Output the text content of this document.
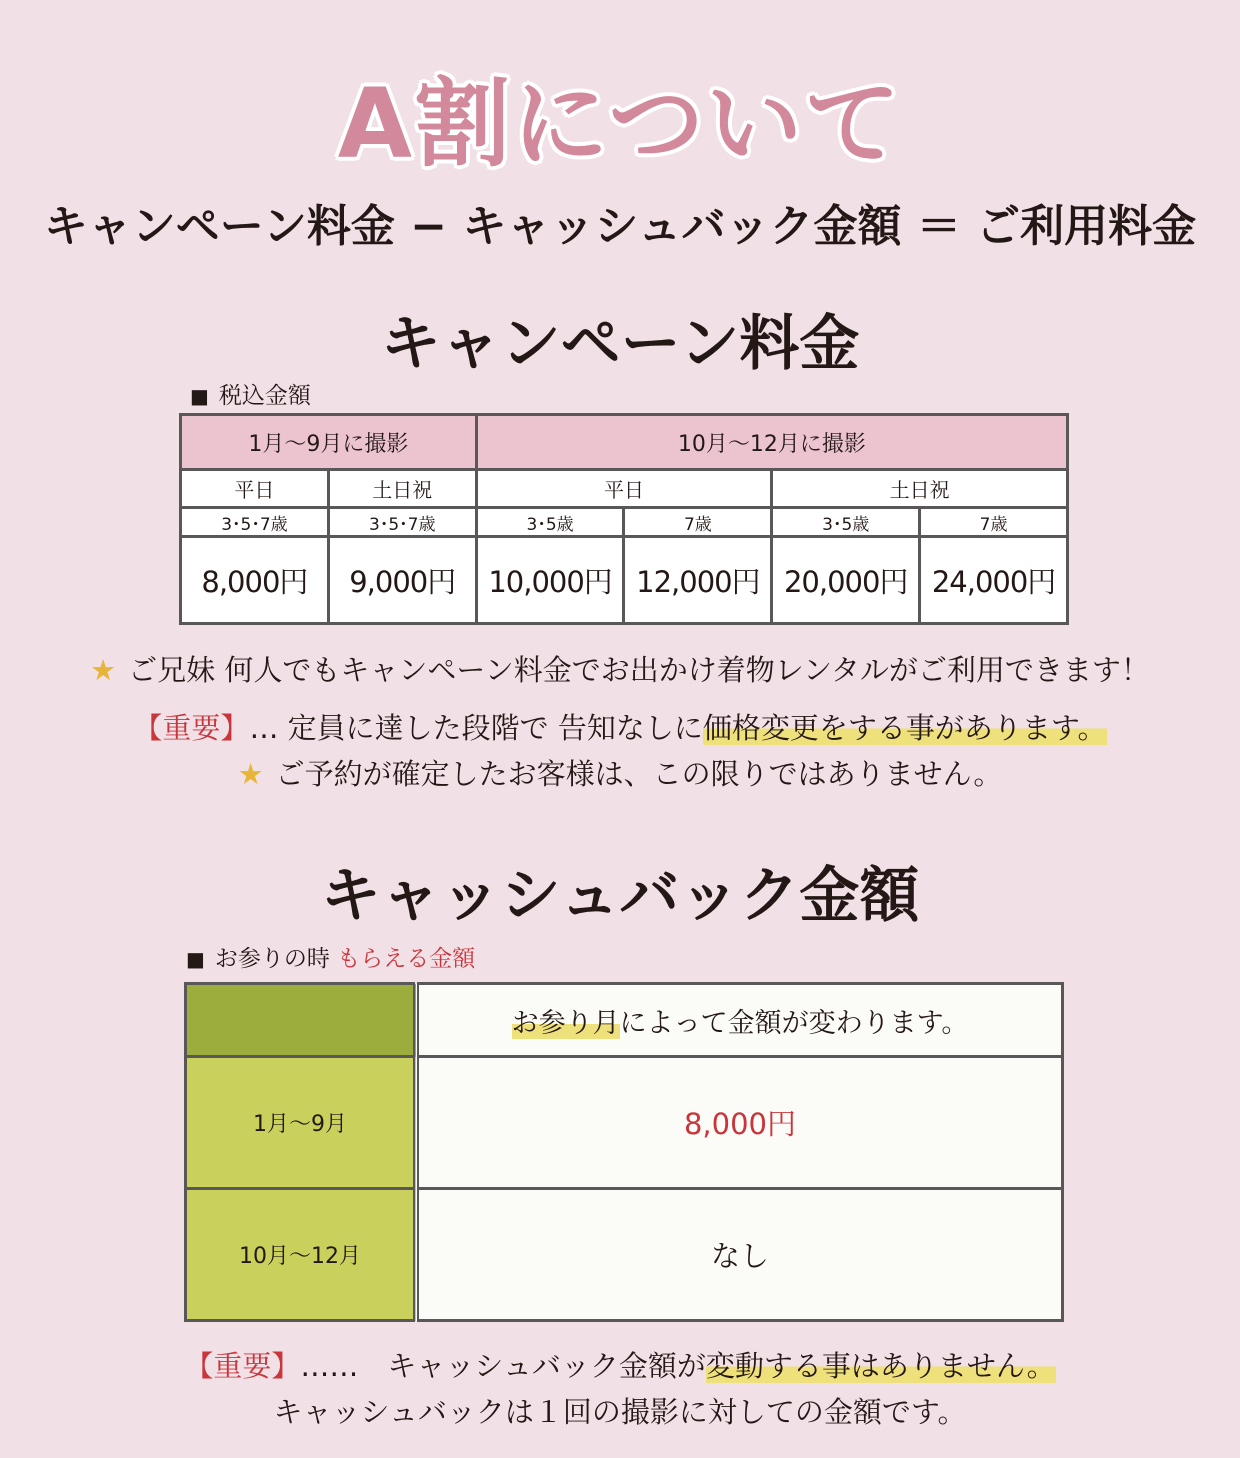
A割について
キャンペーン料金 − キャッシュバック金額 ＝ ご利用料金
キャンペーン料金
■ 税込金額
1月～9月に撮影		10月～12月に撮影			
平日	土日祝	平日		土日祝	
3･5･7歳	3･5･7歳	3･5歳	7歳	3･5歳	7歳
8,000円	9,000円	10,000円	12,000円	20,000円	24,000円
★ ご兄妹 何人でもキャンペーン料金でお出かけ着物レンタルがご利用できます！
【重要】… 定員に達した段階で 告知なしに価格変更をする事があります。
★ ご予約が確定したお客様は、この限りではありません。
キャッシュバック金額
■ お参りの時 もらえる金額
	お参り月によって金額が変わります。
1月～9月	8,000円
10月～12月	なし
【重要】……　キャッシュバック金額が変動する事はありません。
キャッシュバックは１回の撮影に対しての金額です。
